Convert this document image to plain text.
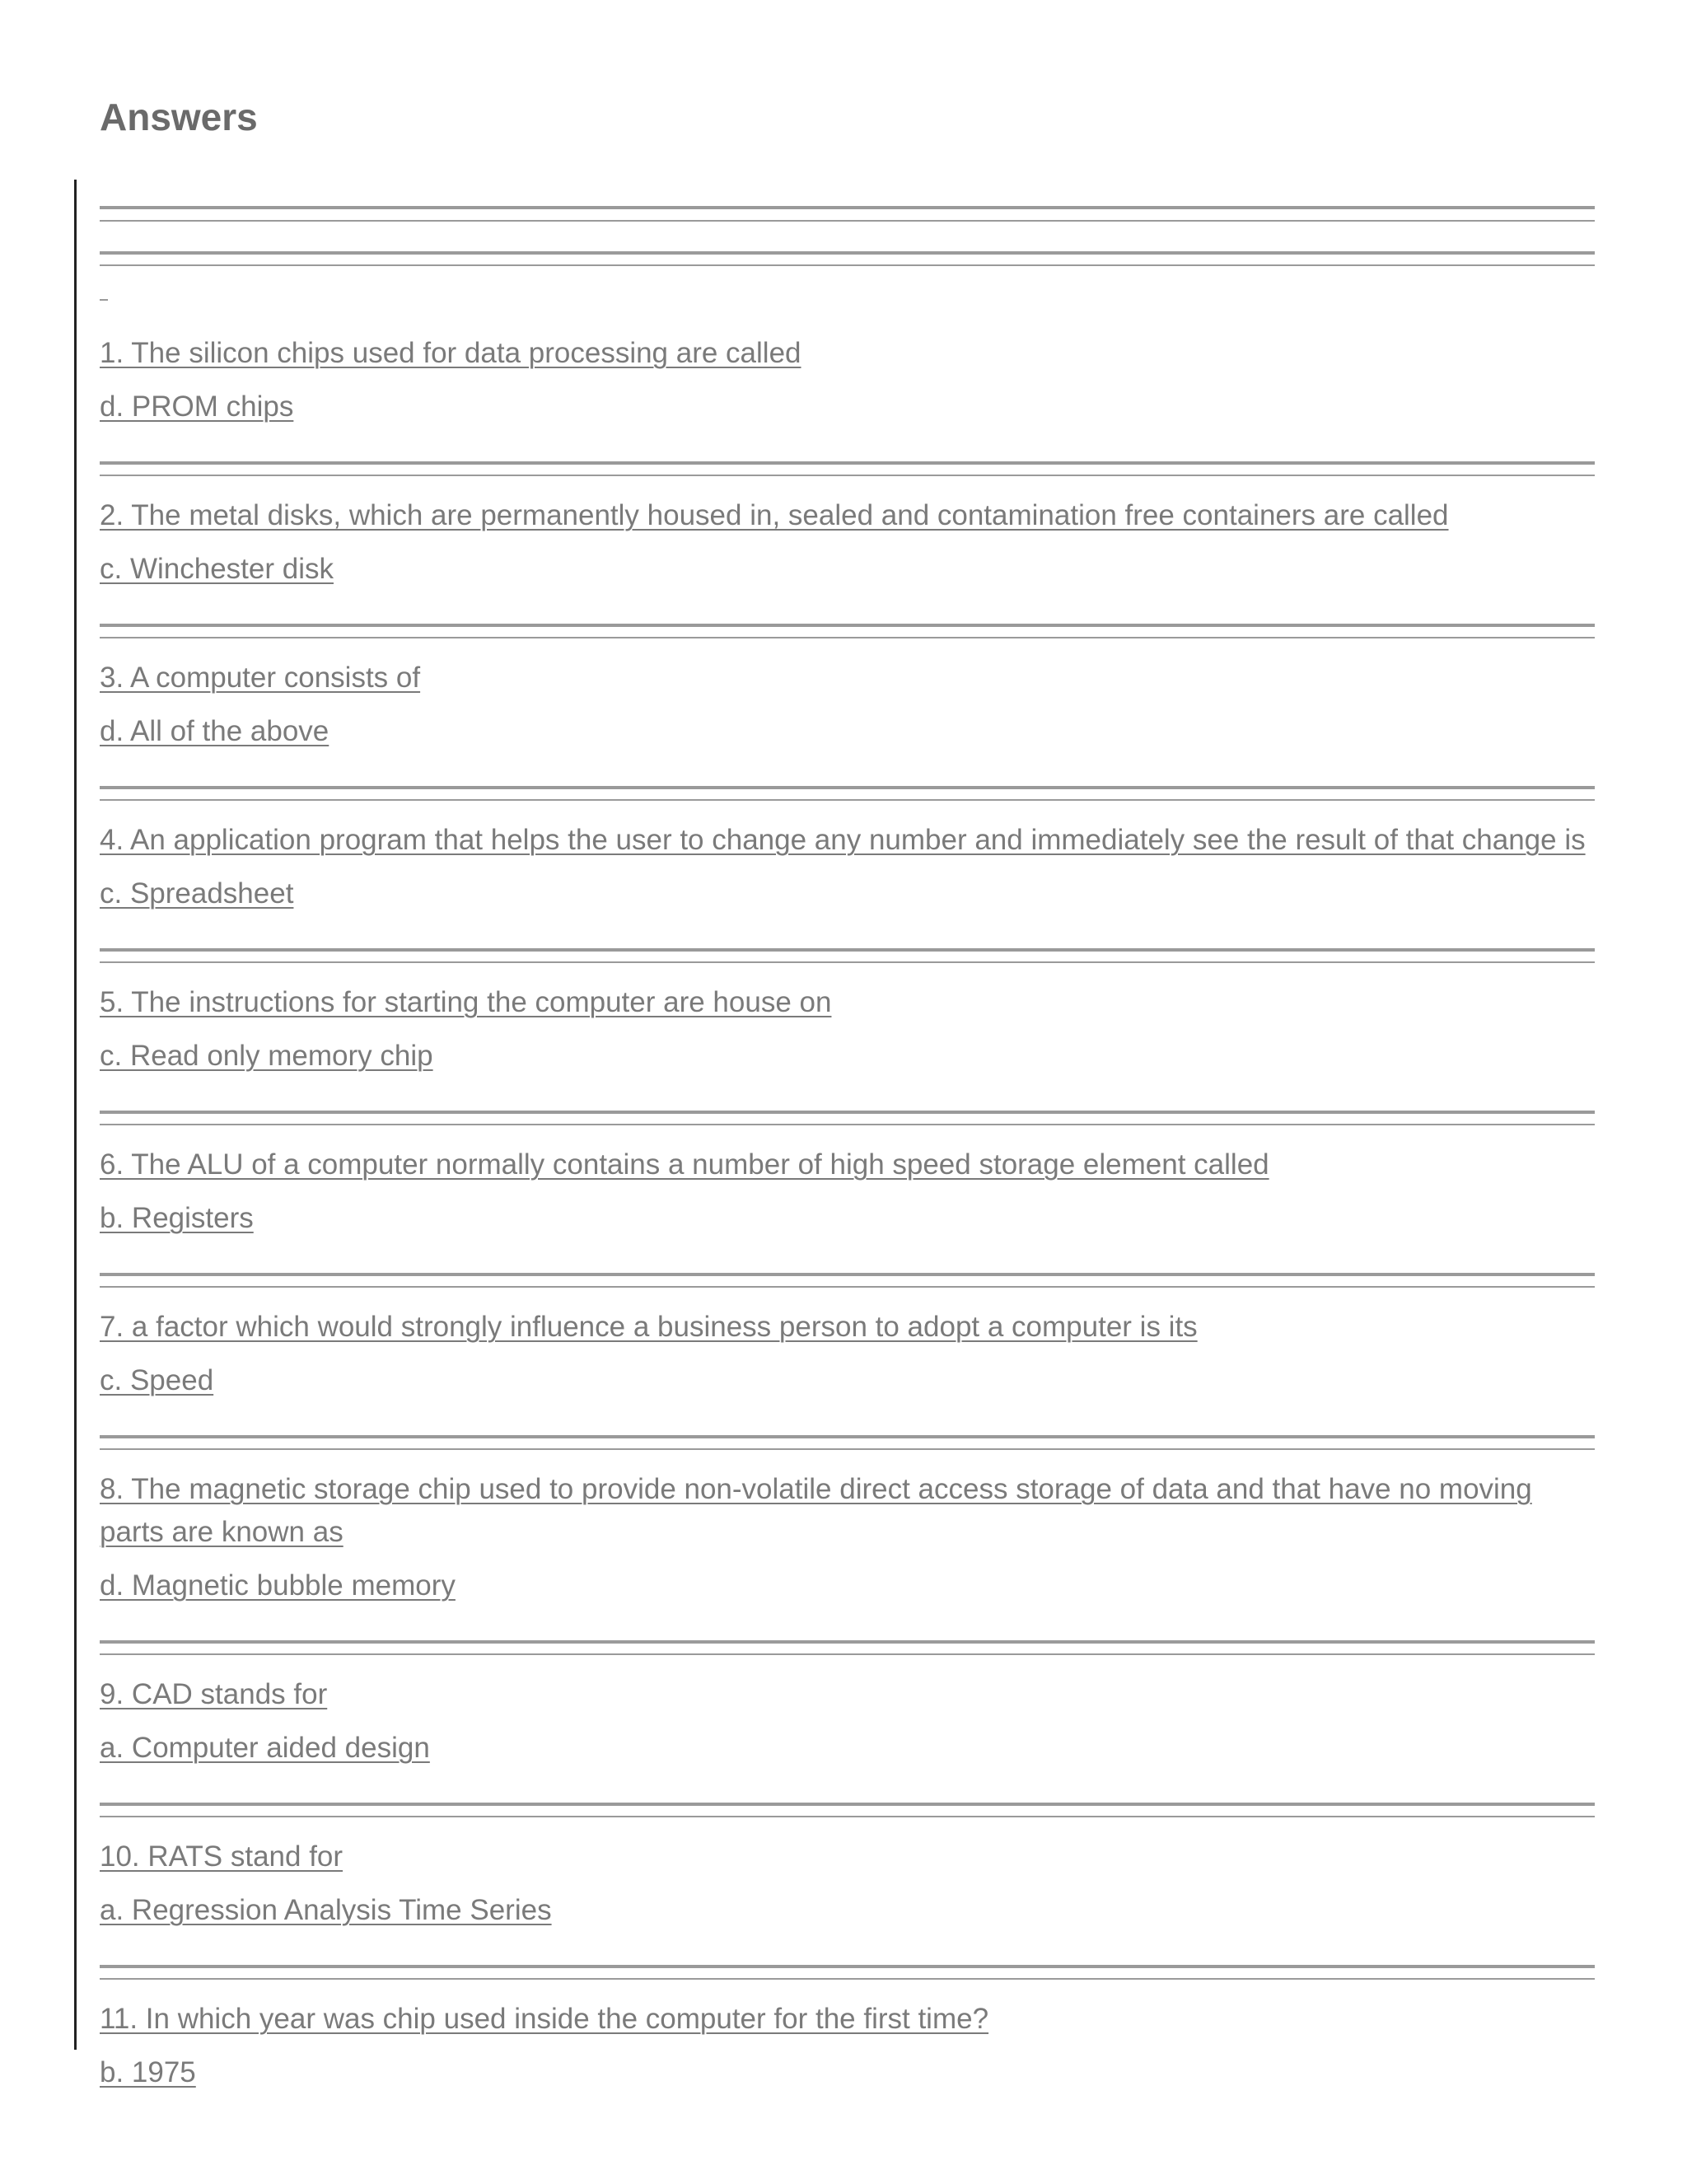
Answers

1. The silicon chips used for data processing are called

d. PROM chips

2. The metal disks, which are permanently housed in, sealed and contamination free containers are called

c. Winchester disk

3. A computer consists of

d. All of the above

4. An application program that helps the user to change any number and immediately see the result of that change is

c. Spreadsheet

5. The instructions for starting the computer are house on

c. Read only memory chip

6. The ALU of a computer normally contains a number of high speed storage element called

b. Registers

7. a factor which would strongly influence a business person to adopt a computer is its

c. Speed

8. The magnetic storage chip used to provide non-volatile direct access storage of data and that have no moving parts are known as

d. Magnetic bubble memory

9. CAD stands for

a. Computer aided design

10. RATS stand for

a. Regression Analysis Time Series

11. In which year was chip used inside the computer for the first time?

b. 1975
